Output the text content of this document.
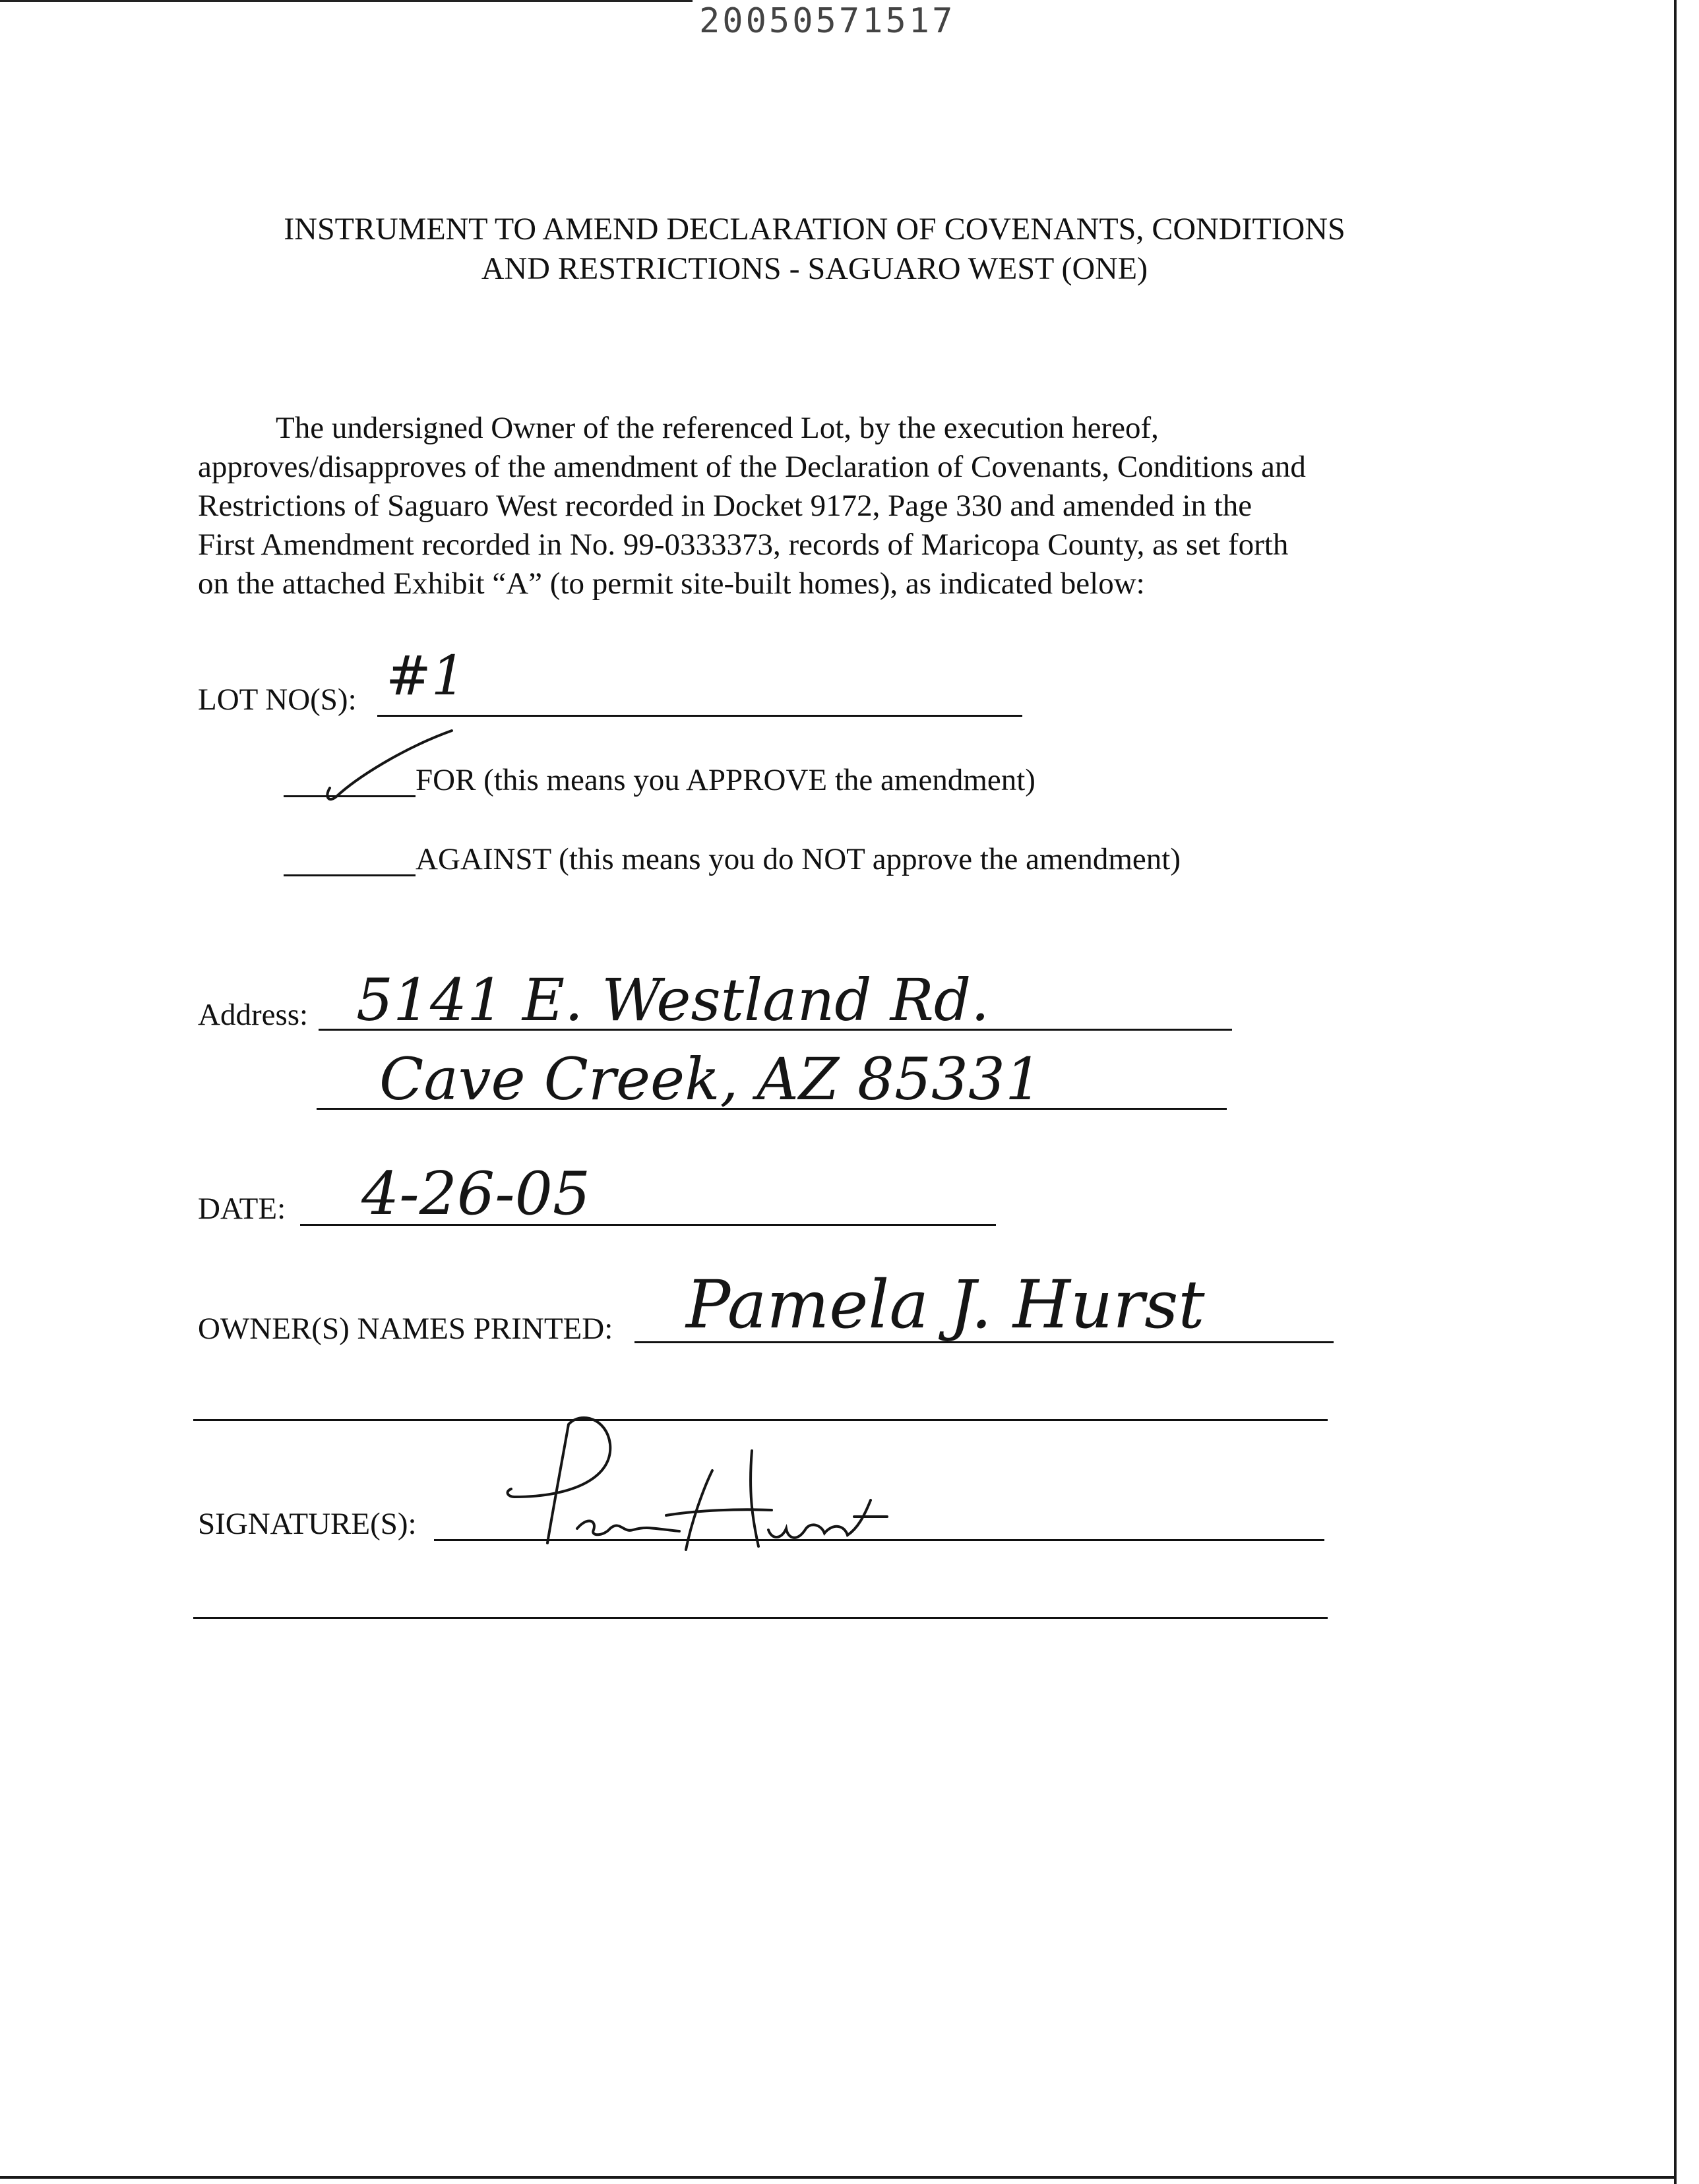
20050571517
INSTRUMENT TO AMEND DECLARATION OF COVENANTS, CONDITIONS
AND RESTRICTIONS - SAGUARO WEST (ONE)
The undersigned Owner of the referenced Lot, by the execution hereof,
approves/disapproves of the amendment of the Declaration of Covenants, Conditions and
Restrictions of Saguaro West recorded in Docket 9172, Page 330 and amended in the
First Amendment recorded in No. 99-0333373, records of Maricopa County, as set forth
on the attached Exhibit “A” (to permit site-built homes), as indicated below:
LOT NO(S): #1
FOR (this means you APPROVE the amendment)
AGAINST (this means you do NOT approve the amendment)
Address: 5141 E. Westland Rd.
Cave Creek, AZ 85331
DATE: 4-26-05
OWNER(S) NAMES PRINTED: Pamela J. Hurst
SIGNATURE(S):
